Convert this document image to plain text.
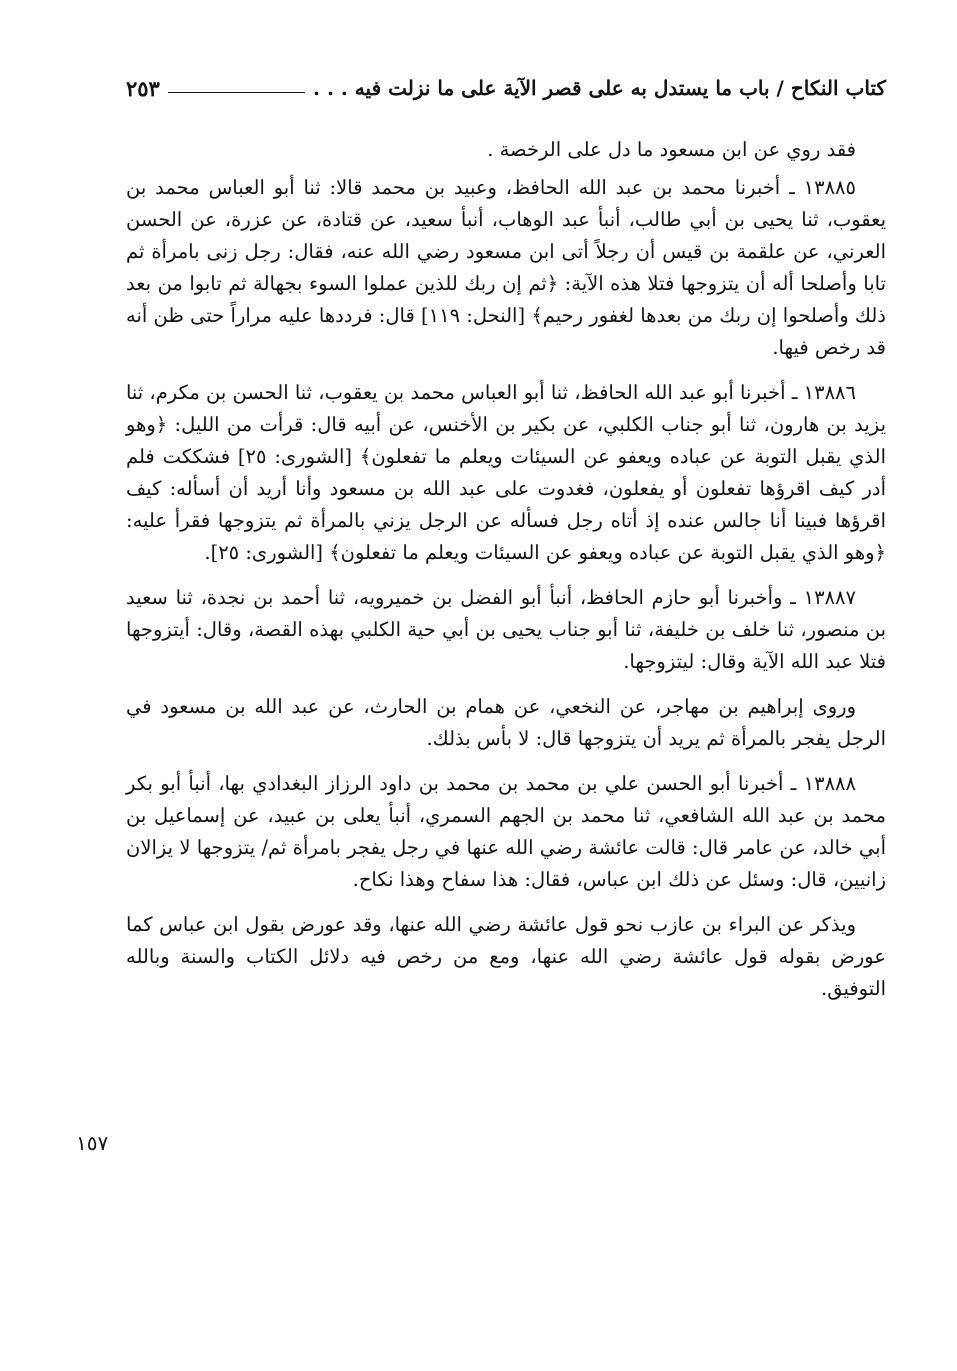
كتاب النكاح / باب ما يستدل به على قصر الآية على ما نزلت فيه . . .
٢٥٣

فقد روي عن ابن مسعود ما دل على الرخصة .

١٣٨٨٥ ـ أخبرنا محمد بن عبد الله الحافظ، وعبيد بن محمد قالا: ثنا أبو العباس محمد بن يعقوب، ثنا يحيى بن أبي طالب، أنبأ عبد الوهاب، أنبأ سعيد، عن قتادة، عن عزرة، عن الحسن العرني، عن علقمة بن قيس أن رجلاً أتى ابن مسعود رضي الله عنه، فقال: رجل زنى بامرأة ثم تابا وأصلحا أله أن يتزوجها فتلا هذه الآية: ﴿ثم إن ربك للذين عملوا السوء بجهالة ثم تابوا من بعد ذلك وأصلحوا إن ربك من بعدها لغفور رحيم﴾ [النحل: ١١٩] قال: فرددها عليه مراراً حتى ظن أنه قد رخص فيها.

١٣٨٨٦ ـ أخبرنا أبو عبد الله الحافظ، ثنا أبو العباس محمد بن يعقوب، ثنا الحسن بن مكرم، ثنا يزيد بن هارون، ثنا أبو جناب الكلبي، عن بكير بن الأخنس، عن أبيه قال: قرأت من الليل: ﴿وهو الذي يقبل التوبة عن عباده ويعفو عن السيئات ويعلم ما تفعلون﴾ [الشورى: ٢٥] فشككت فلم أدر كيف اقرؤها تفعلون أو يفعلون، فغدوت على عبد الله بن مسعود وأنا أريد أن أسأله: كيف اقرؤها فبينا أنا جالس عنده إذ أتاه رجل فسأله عن الرجل يزني بالمرأة ثم يتزوجها فقرأ عليه: ﴿وهو الذي يقبل التوبة عن عباده ويعفو عن السيئات ويعلم ما تفعلون﴾ [الشورى: ٢٥].

١٣٨٨٧ ـ وأخبرنا أبو حازم الحافظ، أنبأ أبو الفضل بن خميرويه، ثنا أحمد بن نجدة، ثنا سعيد بن منصور، ثنا خلف بن خليفة، ثنا أبو جناب يحيى بن أبي حية الكلبي بهذه القصة، وقال: أيتزوجها فتلا عبد الله الآية وقال: ليتزوجها.

وروى إبراهيم بن مهاجر، عن النخعي، عن همام بن الحارث، عن عبد الله بن مسعود في الرجل يفجر بالمرأة ثم يريد أن يتزوجها قال: لا بأس بذلك.

١٣٨٨٨ ـ أخبرنا أبو الحسن علي بن محمد بن محمد بن داود الرزاز البغدادي بها، أنبأ أبو بكر محمد بن عبد الله الشافعي، ثنا محمد بن الجهم السمري، أنبأ يعلى بن عبيد، عن إسماعيل بن أبي خالد، عن عامر قال: قالت عائشة رضي الله عنها في رجل يفجر بامرأة ثم/ يتزوجها لا يزالان زانيين، قال: وسئل عن ذلك ابن عباس، فقال: هذا سفاح وهذا نكاح.

ويذكر عن البراء بن عازب نحو قول عائشة رضي الله عنها، وقد عورض بقول ابن عباس كما عورض بقوله قول عائشة رضي الله عنها، ومع من رخص فيه دلائل الكتاب والسنة وبالله التوفيق.

١٥٧
